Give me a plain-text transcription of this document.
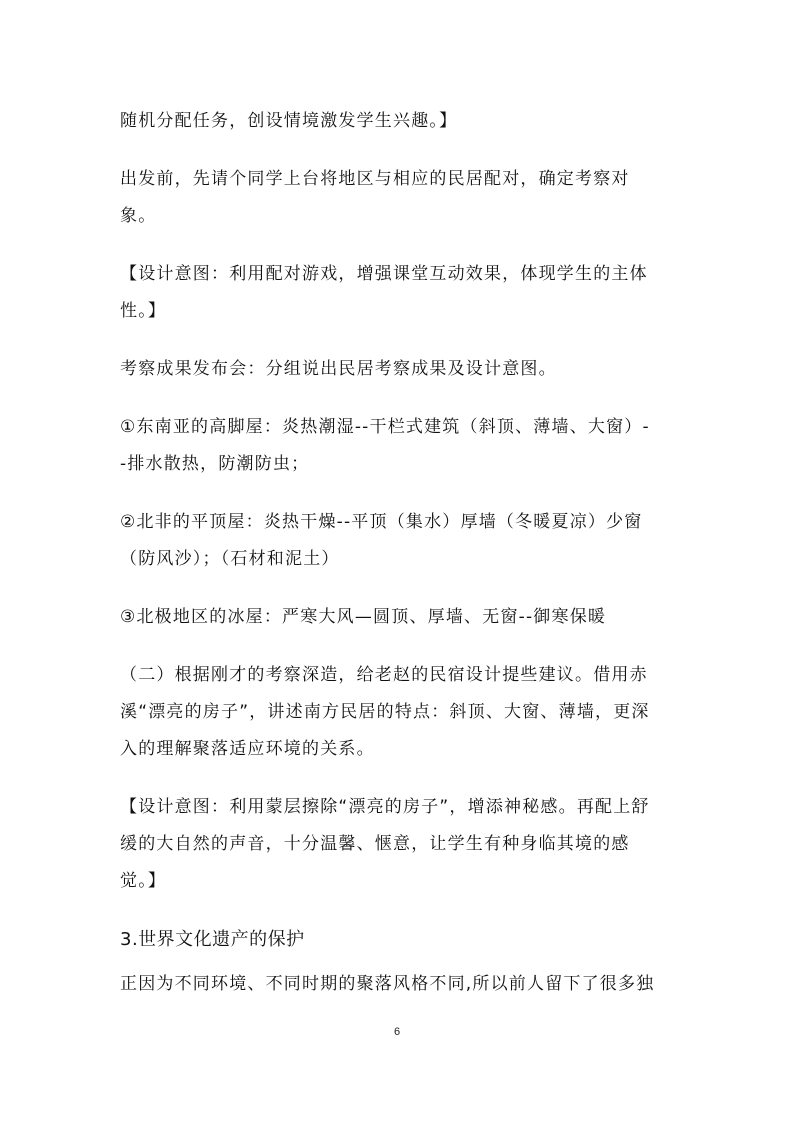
随机分配任务，创设情境激发学生兴趣。】
出发前，先请个同学上台将地区与相应的民居配对，确定考察对
象。
【设计意图：利用配对游戏，增强课堂互动效果，体现学生的主体
性。】
考察成果发布会：分组说出民居考察成果及设计意图。
①东南亚的高脚屋：炎热潮湿--干栏式建筑（斜顶、薄墙、大窗）-
-排水散热，防潮防虫；
②北非的平顶屋：炎热干燥--平顶（集水）厚墙（冬暖夏凉）少窗
（防风沙）；（石材和泥土）
③北极地区的冰屋：严寒大风—圆顶、厚墙、无窗--御寒保暖
（二）根据刚才的考察深造，给老赵的民宿设计提些建议。借用赤
溪“漂亮的房子”，讲述南方民居的特点：斜顶、大窗、薄墙，更深
入的理解聚落适应环境的关系。
【设计意图：利用蒙层擦除“漂亮的房子”，增添神秘感。再配上舒
缓的大自然的声音，十分温馨、惬意，让学生有种身临其境的感
觉。】
3.世界文化遗产的保护
正因为不同环境、不同时期的聚落风格不同,所以前人留下了很多独
6
